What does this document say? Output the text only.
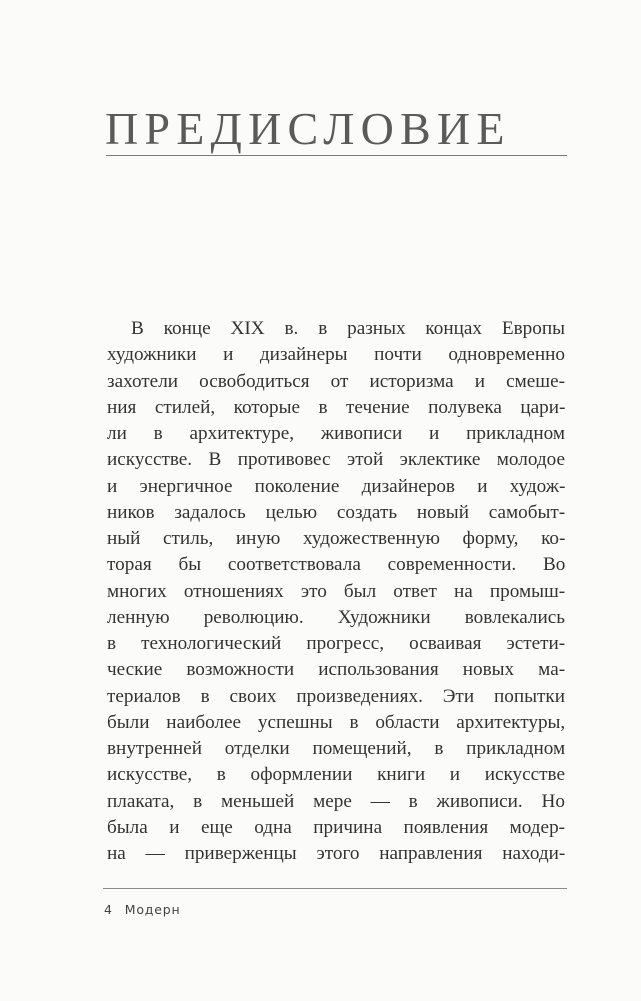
ПРЕДИСЛОВИЕ
В конце XIX в. в разных концах Европы
художники и дизайнеры почти одновременно
захотели освободиться от историзма и смеше-
ния стилей, которые в течение полувека цари-
ли в архитектуре, живописи и прикладном
искусстве. В противовес этой эклектике молодое
и энергичное поколение дизайнеров и худож-
ников задалось целью создать новый самобыт-
ный стиль, иную художественную форму, ко-
торая бы соответствовала современности. Во
многих отношениях это был ответ на промыш-
ленную революцию. Художники вовлекались
в технологический прогресс, осваивая эстети-
ческие возможности использования новых ма-
териалов в своих произведениях. Эти попытки
были наиболее успешны в области архитектуры,
внутренней отделки помещений, в прикладном
искусстве, в оформлении книги и искусстве
плаката, в меньшей мере — в живописи. Но
была и еще одна причина появления модер-
на — приверженцы этого направления находи-
4 Модерн
